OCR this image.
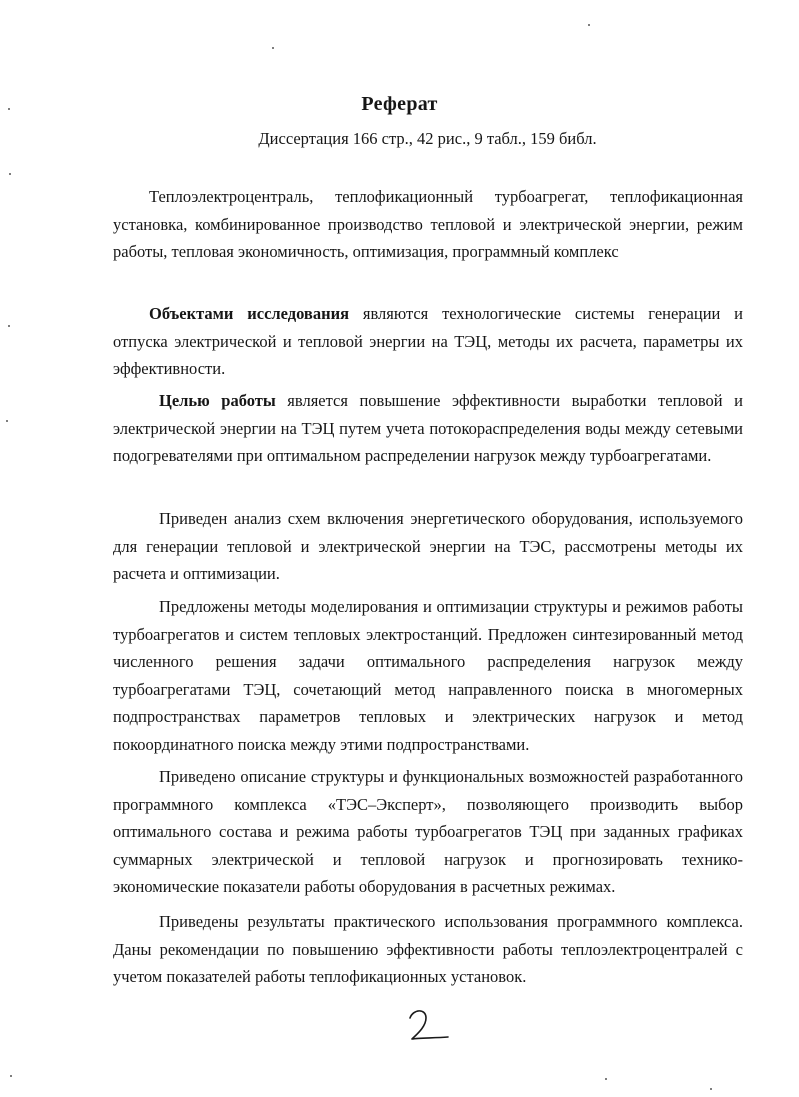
Реферат
Диссертация 166 стр., 42 рис., 9 табл., 159 библ.

Теплоэлектроцентраль, теплофикационный турбоагрегат, теплофикационная установка, комбинированное производство тепловой и электрической энергии, режим работы, тепловая экономичность, оптимизация, программный комплекс

Объектами исследования являются технологические системы генерации и отпуска электрической и тепловой энергии на ТЭЦ, методы их расчета, параметры их эффективности.

Целью работы является повышение эффективности выработки тепловой и электрической энергии на ТЭЦ путем учета потокораспределения воды между сетевыми подогревателями при оптимальном распределении нагрузок между турбоагрегатами.

Приведен анализ схем включения энергетического оборудования, используемого для генерации тепловой и электрической энергии на ТЭС, рассмотрены методы их расчета и оптимизации.

Предложены методы моделирования и оптимизации структуры и режимов работы турбоагрегатов и систем тепловых электростанций. Предложен синтезированный метод численного решения задачи оптимального распределения нагрузок между турбоагрегатами ТЭЦ, сочетающий метод направленного поиска в многомерных подпространствах параметров тепловых и электрических нагрузок и метод покоординатного поиска между этими подпространствами.

Приведено описание структуры и функциональных возможностей разработанного программного комплекса «ТЭС–Эксперт», позволяющего производить выбор оптимального состава и режима работы турбоагрегатов ТЭЦ при заданных графиках суммарных электрической и тепловой нагрузок и прогнозировать технико-экономические показатели работы оборудования в расчетных режимах.

Приведены результаты практического использования программного комплекса. Даны рекомендации по повышению эффективности работы теплоэлектроцентралей с учетом показателей работы теплофикационных установок.
